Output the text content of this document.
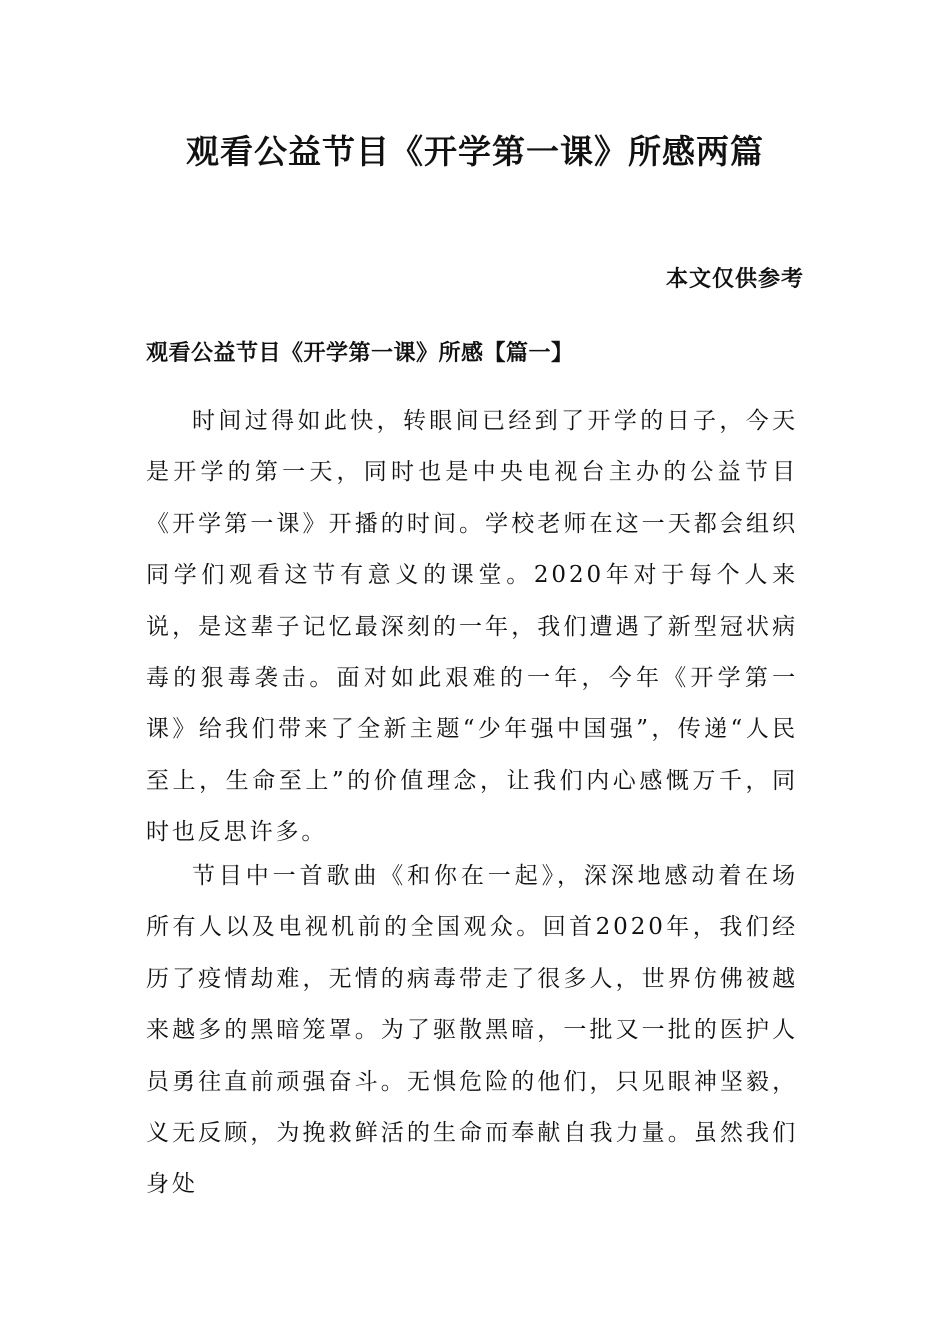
观看公益节目《开学第一课》所感两篇

本文仅供参考

观看公益节目《开学第一课》所感【篇一】

时间过得如此快，转眼间已经到了开学的日子，今天是开学的第一天，同时也是中央电视台主办的公益节目《开学第一课》开播的时间。学校老师在这一天都会组织同学们观看这节有意义的课堂。2020年对于每个人来说，是这辈子记忆最深刻的一年，我们遭遇了新型冠状病毒的狠毒袭击。面对如此艰难的一年，今年《开学第一课》给我们带来了全新主题“少年强中国强”，传递“人民至上，生命至上”的价值理念，让我们内心感慨万千，同时也反思许多。

节目中一首歌曲《和你在一起》，深深地感动着在场所有人以及电视机前的全国观众。回首2020年，我们经历了疫情劫难，无情的病毒带走了很多人，世界仿佛被越来越多的黑暗笼罩。为了驱散黑暗，一批又一批的医护人员勇往直前顽强奋斗。无惧危险的他们，只见眼神坚毅，义无反顾，为挽救鲜活的生命而奉献自我力量。虽然我们身处
